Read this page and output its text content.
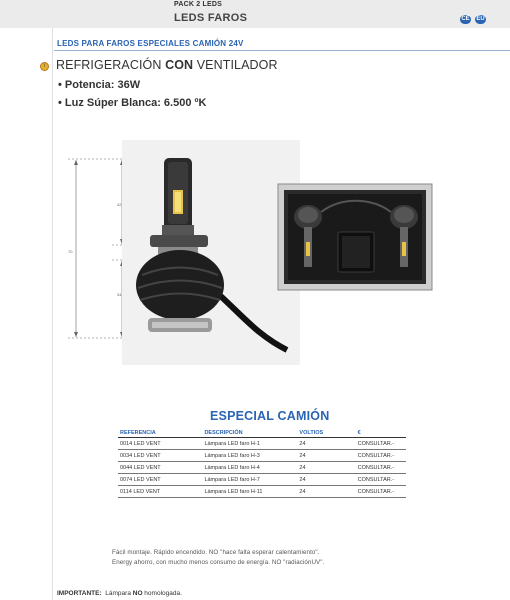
PACK 2 LEDS
LEDS FAROS	CE EU
LEDS PARA FAROS ESPECIALES CAMIÓN 24V
i REFRIGERACIÓN CON VENTILADOR
• Potencia: 36W
• Luz Súper Blanca: 6.500 ºK
42
34
70
ESPECIAL CAMIÓN
REFERENCIA	DESCRIPCIÓN	VOLTIOS	€
0014 LED VENT	Lámpara LED faro H-1	24	CONSULTAR.-
0034 LED VENT	Lámpara LED faro H-3	24	CONSULTAR.-
0044 LED VENT	Lámpara LED faro H-4	24	CONSULTAR.-
0074 LED VENT	Lámpara LED faro H-7	24	CONSULTAR.-
0114 LED VENT	Lámpara LED faro H-11	24	CONSULTAR.-
Fácil montaje. Rápido encendido. NO "hace falta esperar calentamiento".
Energy ahorro, con mucho menos consumo de energía. NO "radiaciónUV".
IMPORTANTE: Lámpara NO homologada.
